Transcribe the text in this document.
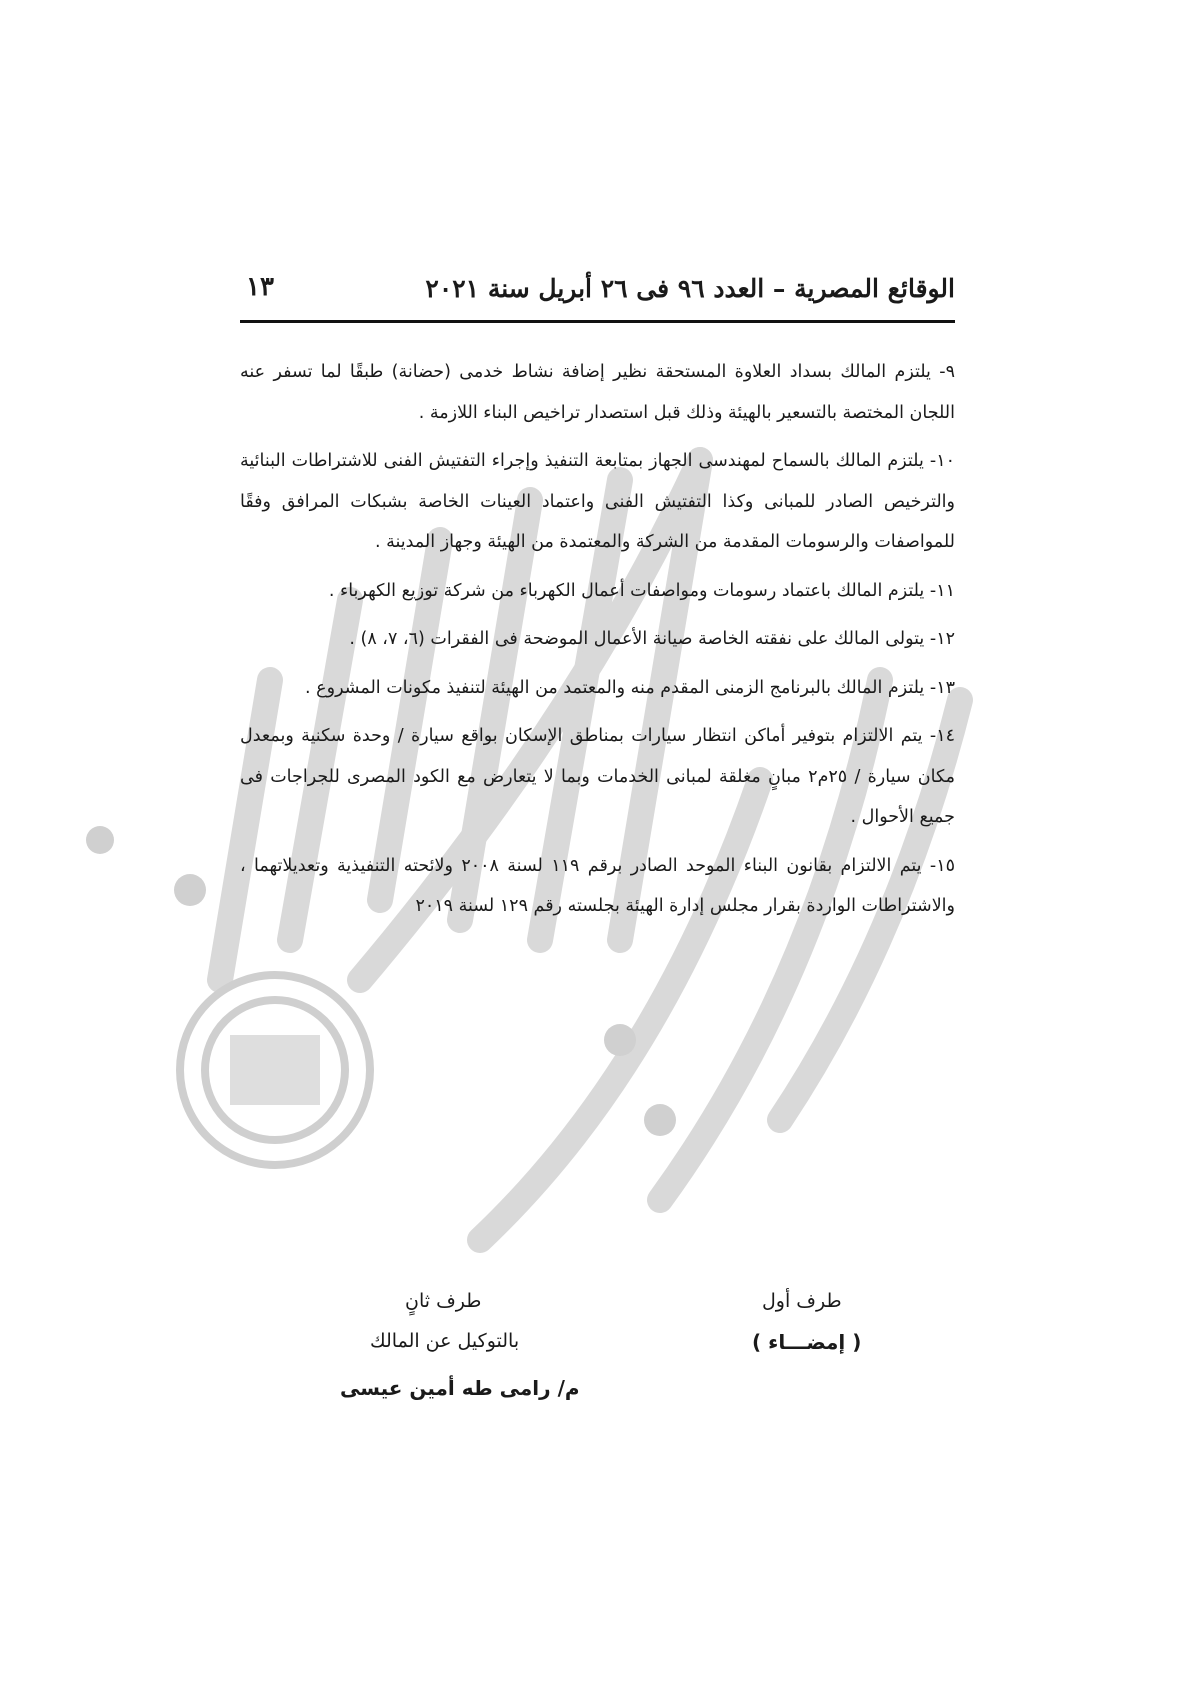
الوقائع المصرية – العدد ٩٦ فى ٢٦ أبريل سنة ٢٠٢١
١٣

٩- يلتزم المالك بسداد العلاوة المستحقة نظير إضافة نشاط خدمى (حضانة) طبقًا لما تسفر عنه اللجان المختصة بالتسعير بالهيئة وذلك قبل استصدار تراخيص البناء اللازمة .

١٠- يلتزم المالك بالسماح لمهندسى الجهاز بمتابعة التنفيذ وإجراء التفتيش الفنى للاشتراطات البنائية والترخيص الصادر للمبانى وكذا التفتيش الفنى واعتماد العينات الخاصة بشبكات المرافق وفقًا للمواصفات والرسومات المقدمة من الشركة والمعتمدة من الهيئة وجهاز المدينة .

١١- يلتزم المالك باعتماد رسومات ومواصفات أعمال الكهرباء من شركة توزيع الكهرباء .

١٢- يتولى المالك على نفقته الخاصة صيانة الأعمال الموضحة فى الفقرات (٦، ٧، ٨) .

١٣- يلتزم المالك بالبرنامج الزمنى المقدم منه والمعتمد من الهيئة لتنفيذ مكونات المشروع .

١٤- يتم الالتزام بتوفير أماكن انتظار سيارات بمناطق الإسكان بواقع سيارة / وحدة سكنية وبمعدل مكان سيارة / ٢٥م٢ مبانٍ مغلقة لمبانى الخدمات وبما لا يتعارض مع الكود المصرى للجراجات فى جميع الأحوال .

١٥- يتم الالتزام بقانون البناء الموحد الصادر برقم ١١٩ لسنة ٢٠٠٨ ولائحته التنفيذية وتعديلاتهما ، والاشتراطات الواردة بقرار مجلس إدارة الهيئة بجلسته رقم ١٢٩ لسنة ٢٠١٩

طرف أول
( إمضـــاء )
طرف ثانٍ
بالتوكيل عن المالك
م/ رامى طه أمين عيسى
